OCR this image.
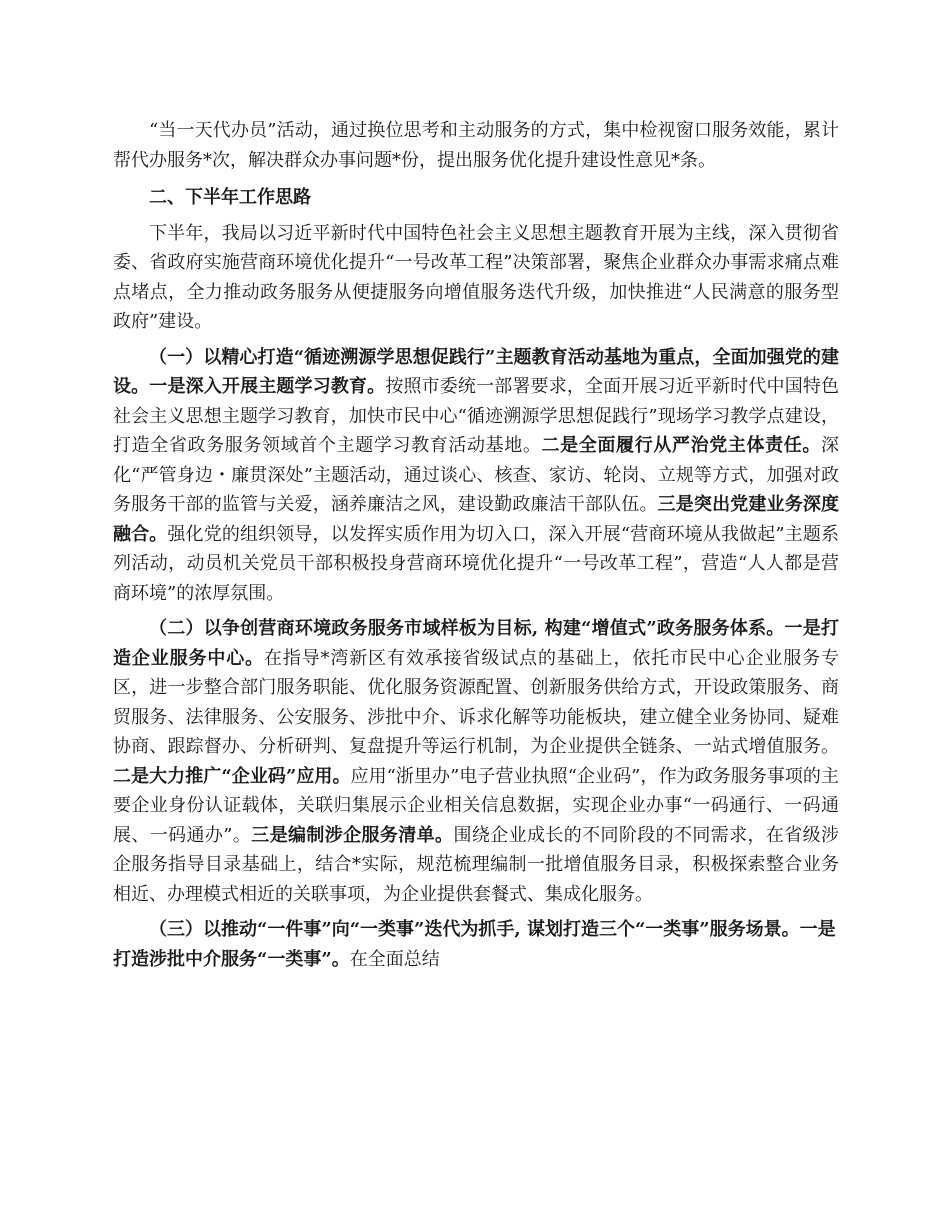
“当一天代办员”活动，通过换位思考和主动服务的方式，集中检视窗口服务效能，累计帮代办服务*次，解决群众办事问题*份，提出服务优化提升建设性意见*条。

二、下半年工作思路

下半年，我局以习近平新时代中国特色社会主义思想主题教育开展为主线，深入贯彻省委、省政府实施营商环境优化提升“一号改革工程”决策部署，聚焦企业群众办事需求痛点难点堵点，全力推动政务服务从便捷服务向增值服务迭代升级，加快推进“人民满意的服务型政府”建设。

（一）以精心打造“循迹溯源学思想促践行”主题教育活动基地为重点，全面加强党的建设。一是深入开展主题学习教育。按照市委统一部署要求，全面开展习近平新时代中国特色社会主义思想主题学习教育，加快市民中心“循迹溯源学思想促践行”现场学习教学点建设，打造全省政务服务领域首个主题学习教育活动基地。二是全面履行从严治党主体责任。深化“严管身边・廉贯深处”主题活动，通过谈心、核查、家访、轮岗、立规等方式，加强对政务服务干部的监管与关爱，涵养廉洁之风，建设勤政廉洁干部队伍。三是突出党建业务深度融合。强化党的组织领导，以发挥实质作用为切入口，深入开展“营商环境从我做起”主题系列活动，动员机关党员干部积极投身营商环境优化提升“一号改革工程”，营造“人人都是营商环境”的浓厚氛围。

（二）以争创营商环境政务服务市域样板为目标, 构建“增值式”政务服务体系。一是打造企业服务中心。在指导*湾新区有效承接省级试点的基础上，依托市民中心企业服务专区，进一步整合部门服务职能、优化服务资源配置、创新服务供给方式，开设政策服务、商贸服务、法律服务、公安服务、涉批中介、诉求化解等功能板块，建立健全业务协同、疑难协商、跟踪督办、分析研判、复盘提升等运行机制，为企业提供全链条、一站式增值服务。二是大力推广“企业码”应用。应用“浙里办”电子营业执照“企业码”，作为政务服务事项的主要企业身份认证载体，关联归集展示企业相关信息数据，实现企业办事“一码通行、一码通展、一码通办”。三是编制涉企服务清单。围绕企业成长的不同阶段的不同需求，在省级涉企服务指导目录基础上，结合*实际，规范梳理编制一批增值服务目录，积极探索整合业务相近、办理模式相近的关联事项，为企业提供套餐式、集成化服务。

（三）以推动“一件事”向“一类事”迭代为抓手, 谋划打造三个“一类事”服务场景。一是打造涉批中介服务“一类事”。在全面总结
